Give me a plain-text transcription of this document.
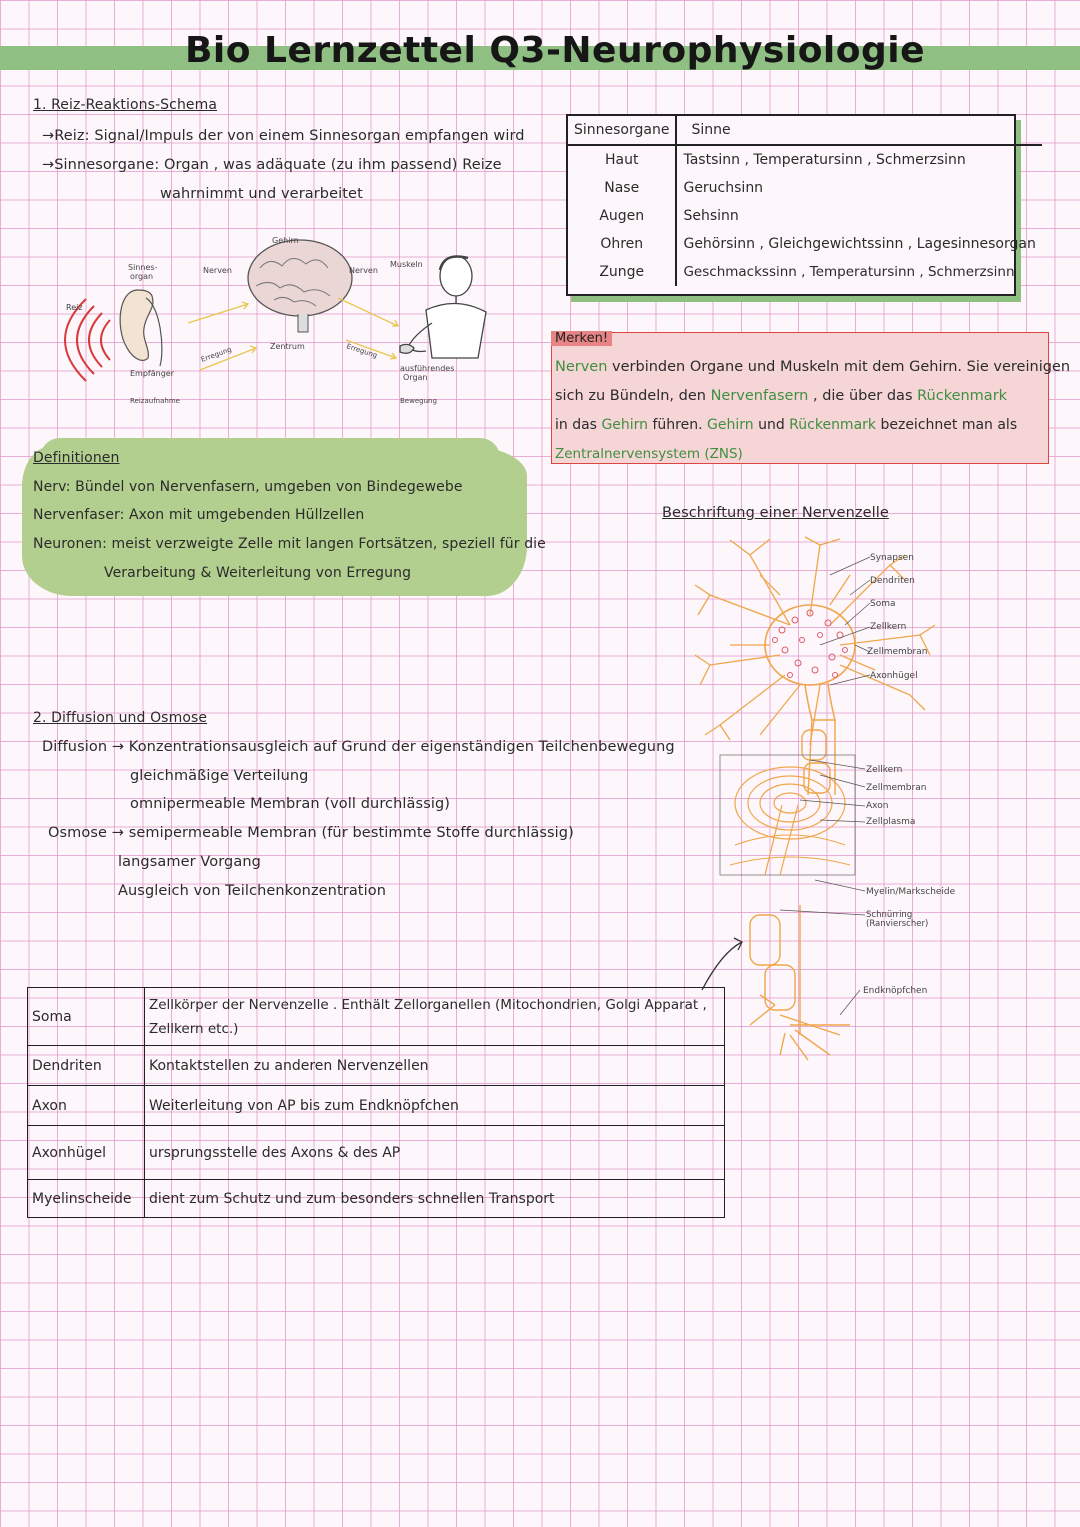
Bio Lernzettel Q3-Neurophysiologie
1. Reiz-Reaktions-Schema
→Reiz: Signal/Impuls der von einem Sinnesorgan empfangen wird
→Sinnesorgane: Organ , was adäquate (zu ihm passend) Reize
wahrnimmt und verarbeitet
Reiz
Sinnes-
organ
Nerven
Gehirn
Nerven
Muskeln
Empfänger
Reizaufnahme
Erregung	Zentrum	Erregung
ausführendes
Organ
Bewegung
Sinnesorgane	Sinne
Haut	Tastsinn , Temperatursinn , Schmerzsinn
Nase	Geruchsinn
Augen	Sehsinn
Ohren	Gehörsinn , Gleichgewichtssinn , Lagesinnesorgan
Zunge	Geschmackssinn , Temperatursinn , Schmerzsinn
Merken!
Nerven verbinden Organe und Muskeln mit dem Gehirn. Sie vereinigen
sich zu Bündeln, den Nervenfasern , die über das Rückenmark
in das Gehirn führen. Gehirn und Rückenmark bezeichnet man als
Zentralnervensystem (ZNS)
Definitionen
Nerv: Bündel von Nervenfasern, umgeben von Bindegewebe
Nervenfaser: Axon mit umgebenden Hüllzellen
Neuronen: meist verzweigte Zelle mit langen Fortsätzen, speziell für die
Verarbeitung & Weiterleitung von Erregung
Beschriftung einer Nervenzelle
Synapsen
Dendriten
Soma
Zellkern
Zellmembran
Axonhügel
Zellkern
Zellmembran
Axon
Zellplasma
Myelin/Markscheide
Schnürring
(Ranvierscher)
Endknöpfchen
2. Diffusion und Osmose
Diffusion → Konzentrationsausgleich auf Grund der eigenständigen Teilchenbewegung
gleichmäßige Verteilung
omnipermeable Membran (voll durchlässig)
Osmose → semipermeable Membran (für bestimmte Stoffe durchlässig)
langsamer Vorgang
Ausgleich von Teilchenkonzentration
Soma	Zellkörper der Nervenzelle . Enthält Zellorganellen (Mitochondrien, Golgi Apparat ,
Zellkern etc.)

Dendriten	Kontaktstellen zu anderen Nervenzellen
Axon	Weiterleitung von AP bis zum Endknöpfchen
Axonhügel	ursprungsstelle des Axons & des AP
Myelinscheide	dient zum Schutz und zum besonders schnellen Transport
